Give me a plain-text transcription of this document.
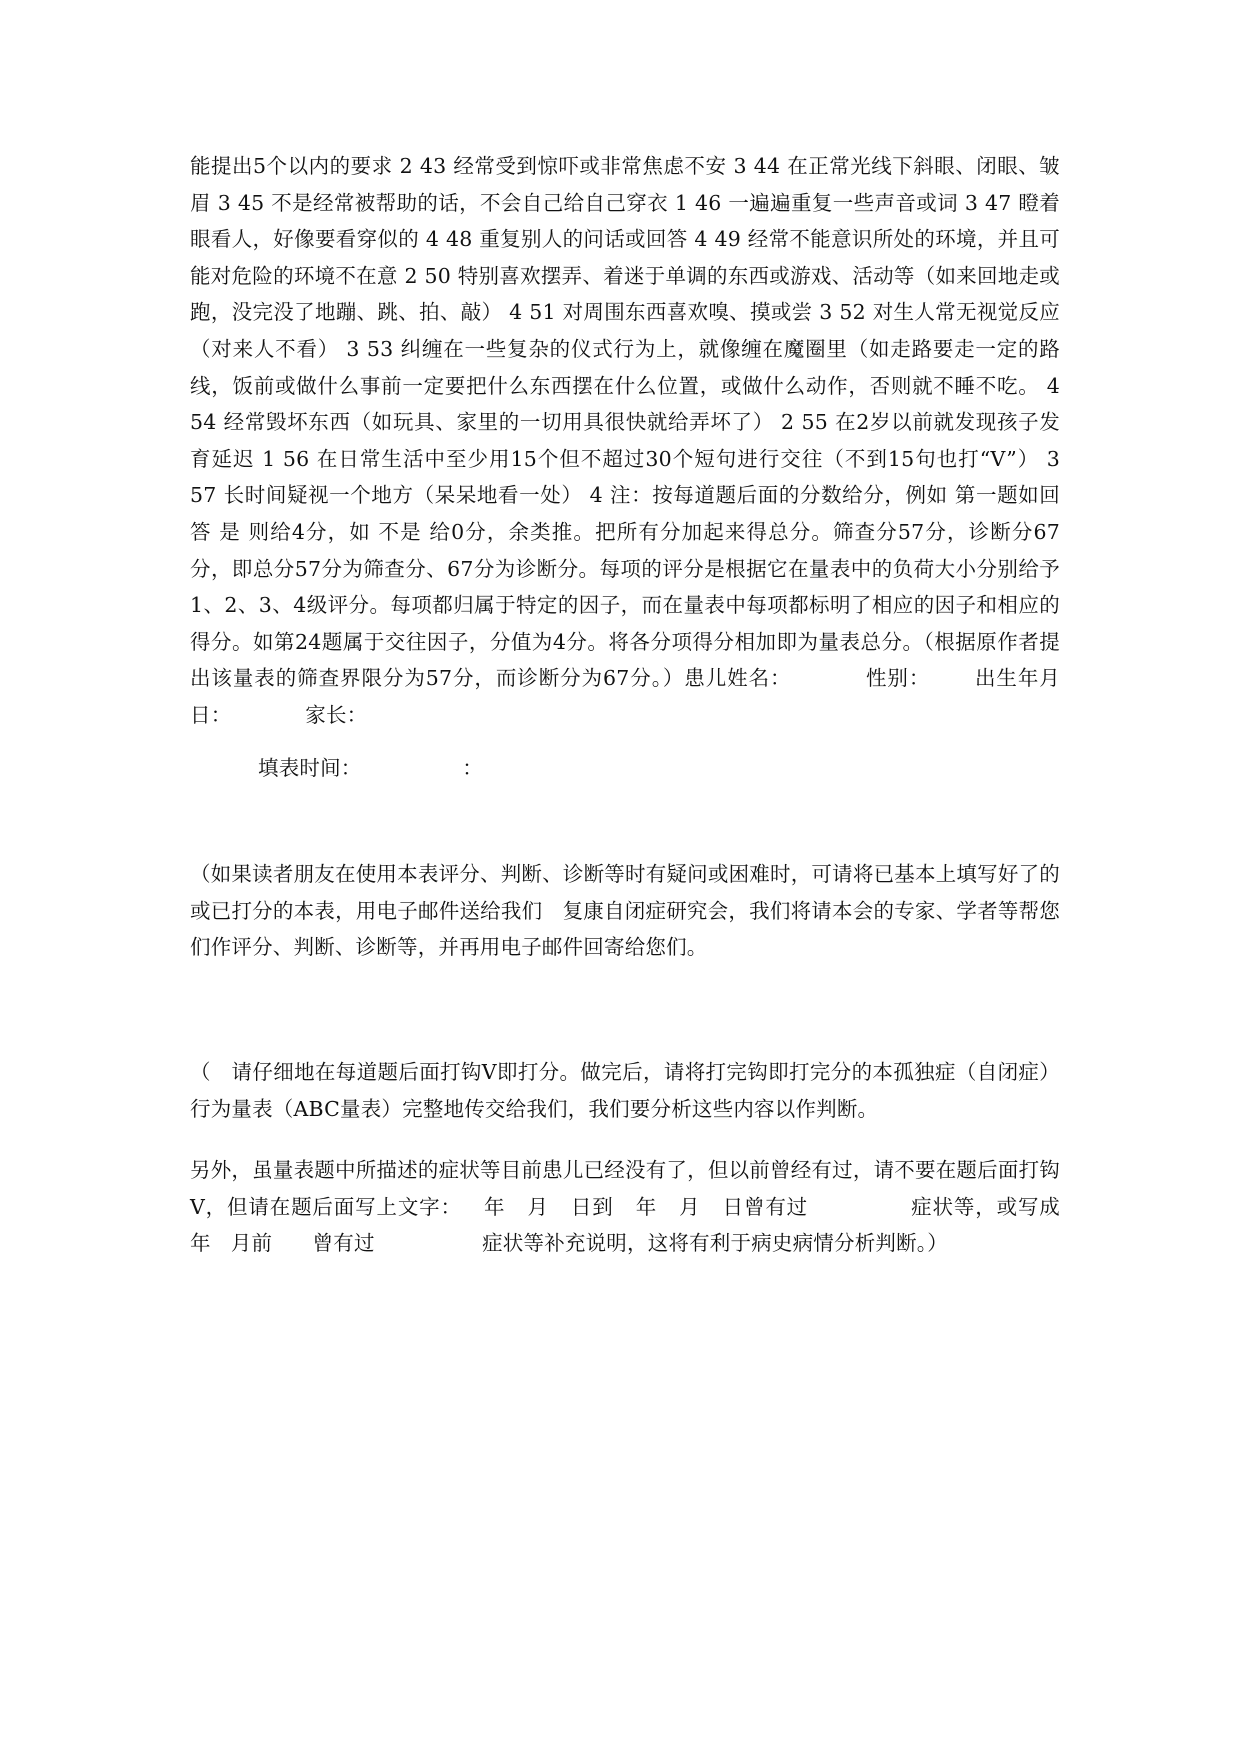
能提出5个以内的要求 2 43 经常受到惊吓或非常焦虑不安 3 44 在正常光线下斜眼、闭眼、皱眉 3 45 不是经常被帮助的话，不会自己给自己穿衣 1 46 一遍遍重复一些声音或词 3 47 瞪着眼看人，好像要看穿似的 4 48 重复别人的问话或回答 4 49 经常不能意识所处的环境，并且可能对危险的环境不在意 2 50 特别喜欢摆弄、着迷于单调的东西或游戏、活动等（如来回地走或跑，没完没了地蹦、跳、拍、敲） 4 51 对周围东西喜欢嗅、摸或尝 3 52 对生人常无视觉反应（对来人不看） 3 53 纠缠在一些复杂的仪式行为上，就像缠在魔圈里（如走路要走一定的路线，饭前或做什么事前一定要把什么东西摆在什么位置，或做什么动作，否则就不睡不吃。 4 54 经常毁坏东西（如玩具、家里的一切用具很快就给弄坏了） 2 55 在2岁以前就发现孩子发育延迟 1 56 在日常生活中至少用15个但不超过30个短句进行交往（不到15句也打“V”） 3 57 长时间疑视一个地方（呆呆地看一处） 4 注：按每道题后面的分数给分，例如 第一题如回答 是 则给4分，如 不是 给0分，余类推。把所有分加起来得总分。筛查分57分，诊断分67分，即总分57分为筛查分、67分为诊断分。每项的评分是根据它在量表中的负荷大小分别给予1、2、3、4级评分。每项都归属于特定的因子，而在量表中每项都标明了相应的因子和相应的得分。如第24题属于交往因子，分值为4分。将各分项得分相加即为量表总分。（根据原作者提出该量表的筛查界限分为57分，而诊断分为67分。）患儿姓名：          性别：      出生年月日：           家长：

填表时间：               ：

（如果读者朋友在使用本表评分、判断、诊断等时有疑问或困难时，可请将已基本上填写好了的或已打分的本表，用电子邮件送给我们   复康自闭症研究会，我们将请本会的专家、学者等帮您们作评分、判断、诊断等，并再用电子邮件回寄给您们。

（   请仔细地在每道题后面打钩V即打分。做完后，请将打完钩即打完分的本孤独症（自闭症）行为量表（ABC量表）完整地传交给我们，我们要分析这些内容以作判断。

另外，虽量表题中所描述的症状等目前患儿已经没有了，但以前曾经有过，请不要在题后面打钩V，但请在题后面写上文字：   年   月   日到   年   月   日曾有过              症状等，或写成      年   月前      曾有过                症状等补充说明，这将有利于病史病情分析判断。）
